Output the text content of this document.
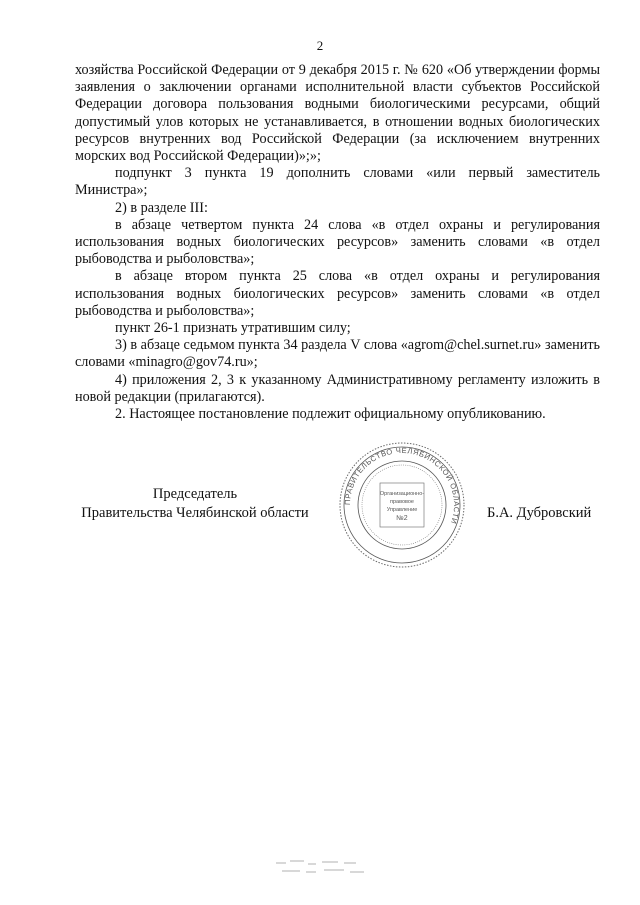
2

хозяйства Российской Федерации от 9 декабря 2015 г. № 620 «Об утверждении формы заявления о заключении органами исполнительной власти субъектов Российской Федерации договора пользования водными биологическими ресурсами, общий допустимый улов которых не устанавливается, в отношении водных биологических ресурсов внутренних вод Российской Федерации (за исключением внутренних морских вод Российской Федерации)»;»;

подпункт 3 пункта 19 дополнить словами «или первый заместитель Министра»;

2) в разделе III:

в абзаце четвертом пункта 24 слова «в отдел охраны и регулирования использования водных биологических ресурсов» заменить словами «в отдел рыбоводства и рыболовства»;

в абзаце втором пункта 25 слова «в отдел охраны и регулирования использования водных биологических ресурсов» заменить словами «в отдел рыбоводства и рыболовства»;

пункт 26-1 признать утратившим силу;

3) в абзаце седьмом пункта 34 раздела V слова «agrom@chel.surnet.ru» заменить словами «minagro@gov74.ru»;

4) приложения 2, 3 к указанному Административному регламенту изложить в новой редакции (прилагаются).

2. Настоящее постановление подлежит официальному опубликованию.

Председатель
Правительства Челябинской области
ПРАВИТЕЛЬСТВО ЧЕЛЯБИНСКОЙ ОБЛАСТИ
Организационно-
правовое
Управление
№2	Б.А. Дубровский
